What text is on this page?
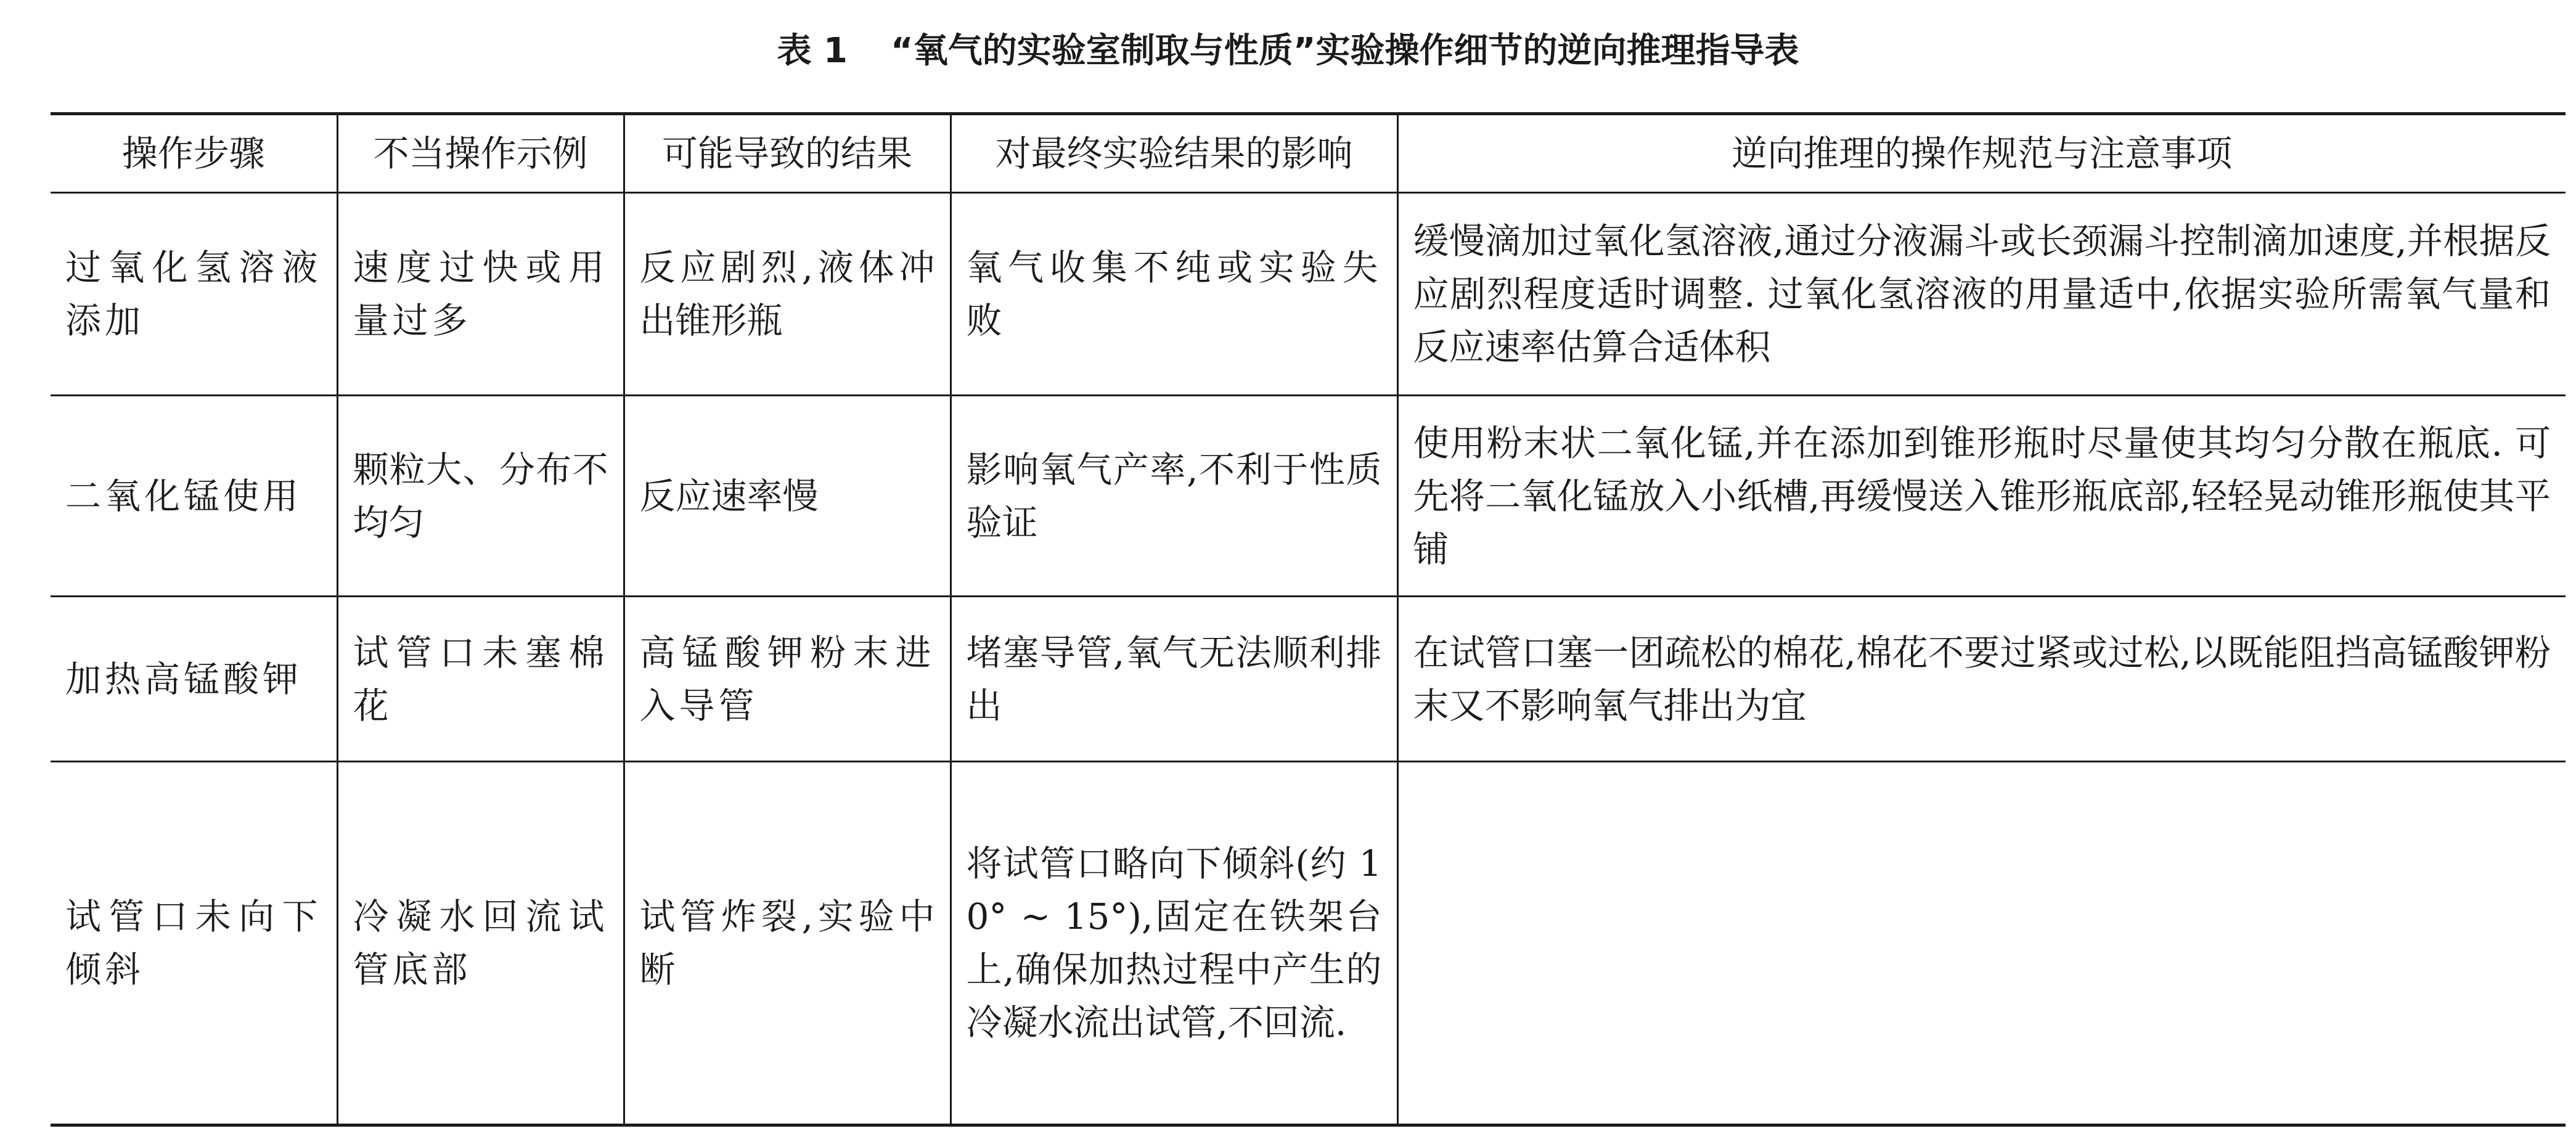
表 1 “氧气的实验室制取与性质”实验操作细节的逆向推理指导表
操作步骤	不当操作示例	可能导致的结果	对最终实验结果的影响	逆向推理的操作规范与注意事项
过氧化氢溶液添加	速度过快或用量过多	反应剧烈,液体冲出锥形瓶	氧气收集不纯或实验失败	缓慢滴加过氧化氢溶液,通过分液漏斗或长颈漏斗控制滴加速度,并根据反应剧烈程度适时调整. 过氧化氢溶液的用量适中,依据实验所需氧气量和反应速率估算合适体积
二氧化锰使用	颗粒大、分布不均匀	反应速率慢	影响氧气产率,不利于性质验证	使用粉末状二氧化锰,并在添加到锥形瓶时尽量使其均匀分散在瓶底. 可先将二氧化锰放入小纸槽,再缓慢送入锥形瓶底部,轻轻晃动锥形瓶使其平铺
加热高锰酸钾	试管口未塞棉花	高锰酸钾粉末进入导管	堵塞导管,氧气无法顺利排出	在试管口塞一团疏松的棉花,棉花不要过紧或过松,以既能阻挡高锰酸钾粉末又不影响氧气排出为宜
试管口未向下倾斜	冷凝水回流试管底部	试管炸裂,实验中断	将试管口略向下倾斜(约 10° ~ 15°),固定在铁架台上,确保加热过程中产生的冷凝水流出试管,不回流.	
